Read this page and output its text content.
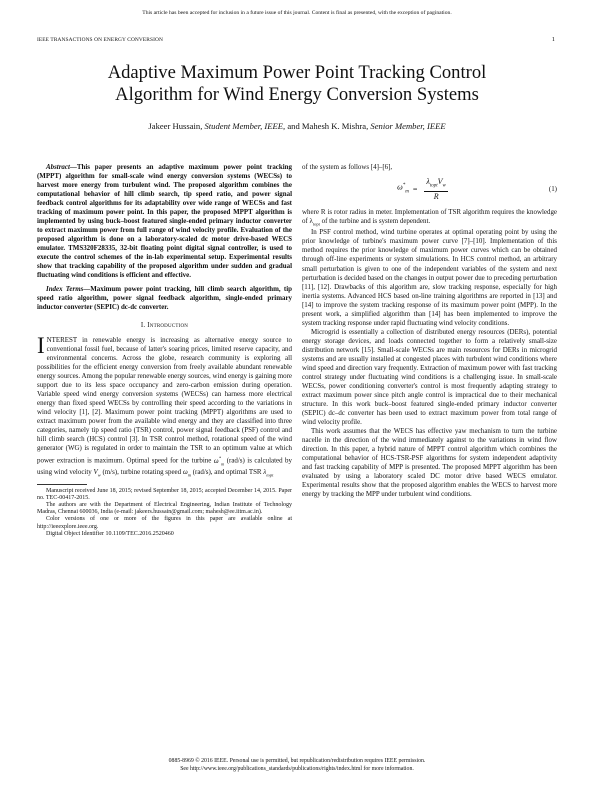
This article has been accepted for inclusion in a future issue of this journal. Content is final as presented, with the exception of pagination.
IEEE TRANSACTIONS ON ENERGY CONVERSION	1
Adaptive Maximum Power Point Tracking Control
Algorithm for Wind Energy Conversion Systems
Jakeer Hussain, Student Member, IEEE, and Mahesh K. Mishra, Senior Member, IEEE

Abstract—This paper presents an adaptive maximum power point tracking (MPPT) algorithm for small-scale wind energy conversion systems (WECSs) to harvest more energy from turbulent wind. The proposed algorithm combines the computational behavior of hill climb search, tip speed ratio, and power signal feedback control algorithms for its adaptability over wide range of WECSs and fast tracking of maximum power point. In this paper, the proposed MPPT algorithm is implemented by using buck–boost featured single-ended primary inductor converter to extract maximum power from full range of wind velocity profile. Evaluation of the proposed algorithm is done on a laboratory-scaled dc motor drive-based WECS emulator. TMS320F28335, 32-bit floating point digital signal controller, is used to execute the control schemes of the in-lab experimental setup. Experimental results show that tracking capability of the proposed algorithm under sudden and gradual fluctuating wind conditions is efficient and effective.

Index Terms—Maximum power point tracking, hill climb search algorithm, tip speed ratio algorithm, power signal feedback algorithm, single-ended primary inductor converter (SEPIC) dc-dc converter.

I. Introduction

INTEREST in renewable energy is increasing as alternative energy source to conventional fossil fuel, because of latter's soaring prices, limited reserve capacity, and environmental concerns. Across the globe, research community is exploring all possibilities for the efficient energy conversion from freely available abundant renewable energy sources. Among the popular renewable energy sources, wind energy is gaining more support due to its less space occupancy and zero-carbon emission during operation. Variable speed wind energy conversion systems (WECSs) can harness more electrical energy than fixed speed WECSs by controlling their speed according to the variations in wind velocity [1], [2]. Maximum power point tracking (MPPT) algorithms are used to extract maximum power from the available wind energy and they are classified into three categories, namely tip speed ratio (TSR) control, power signal feedback (PSF) control and hill climb search (HCS) control [3]. In TSR control method, rotational speed of the wind generator (WG) is regulated in order to maintain the TSR to an optimum value at which power extraction is maximum. Optimal speed for the turbine $\omega^*_m$ (rad/s) is calculated by using wind velocity $V_w$ (m/s), turbine rotating speed $\omega_m$ (rad/s), and optimal TSR $\lambda_{topt}$

Manuscript received June 18, 2015; revised September 18, 2015; accepted December 14, 2015. Paper no. TEC-00417-2015.

The authors are with the Department of Electrical Engineering, Indian Institute of Technology Madras, Chennai 600036, India (e-mail: jakeers.hussain@gmail.com; mahesh@ee.iitm.ac.in).

Color versions of one or more of the figures in this paper are available online at http://ieeexplore.ieee.org.

Digital Object Identifier 10.1109/TEC.2016.2520460

of the system as follows [4]–[6],

$\omega^*_m = \frac{\lambda_{topt}V_w}{R}$	(1)

where R is rotor radius in meter. Implementation of TSR algorithm requires the knowledge of $\lambda_{topt}$ of the turbine and is system dependent.

In PSF control method, wind turbine operates at optimal operating point by using the prior knowledge of turbine's maximum power curve [7]–[10]. Implementation of this method requires the prior knowledge of maximum power curves which can be obtained through off-line experiments or system simulations. In HCS control method, an arbitrary small perturbation is given to one of the independent variables of the system and next perturbation is decided based on the changes in output power due to preceding perturbation [11], [12]. Drawbacks of this algorithm are, slow tracking response, especially for high inertia systems. Advanced HCS based on-line training algorithms are reported in [13] and [14] to improve the system tracking response of its maximum power point (MPP). In the present work, a simplified algorithm than [14] has been implemented to improve the system tracking response under rapid fluctuating wind velocity conditions.

Microgrid is essentially a collection of distributed energy resources (DERs), potential energy storage devices, and loads connected together to form a relatively small-size distribution network [15]. Small-scale WECSs are main resources for DERs in microgrid systems and are usually installed at congested places with turbulent wind conditions where wind speed and direction vary frequently. Extraction of maximum power with fast tracking control strategy under fluctuating wind conditions is a challenging issue. In small-scale WECSs, power conditioning converter's control is most frequently adapting strategy to extract maximum power since pitch angle control is impractical due to their mechanical structure. In this work buck–boost featured single-ended primary inductor converter (SEPIC) dc–dc converter has been used to extract maximum power from total range of wind velocity profile.

This work assumes that the WECS has effective yaw mechanism to turn the turbine nacelle in the direction of the wind immediately against to the variations in wind flow direction. In this paper, a hybrid nature of MPPT control algorithm which combines the computational behavior of HCS-TSR-PSF algorithms for system independent adaptivity and fast tracking capability of MPP is presented. The proposed MPPT algorithm has been evaluated by using a laboratory scaled DC motor drive based WECS emulator. Experimental results show that the proposed algorithm enables the WECS to harvest more energy by tracking the MPP under turbulent wind conditions.

0885-8969 © 2016 IEEE. Personal use is permitted, but republication/redistribution requires IEEE permission.
See http://www.ieee.org/publications_standards/publications/rights/index.html for more information.
